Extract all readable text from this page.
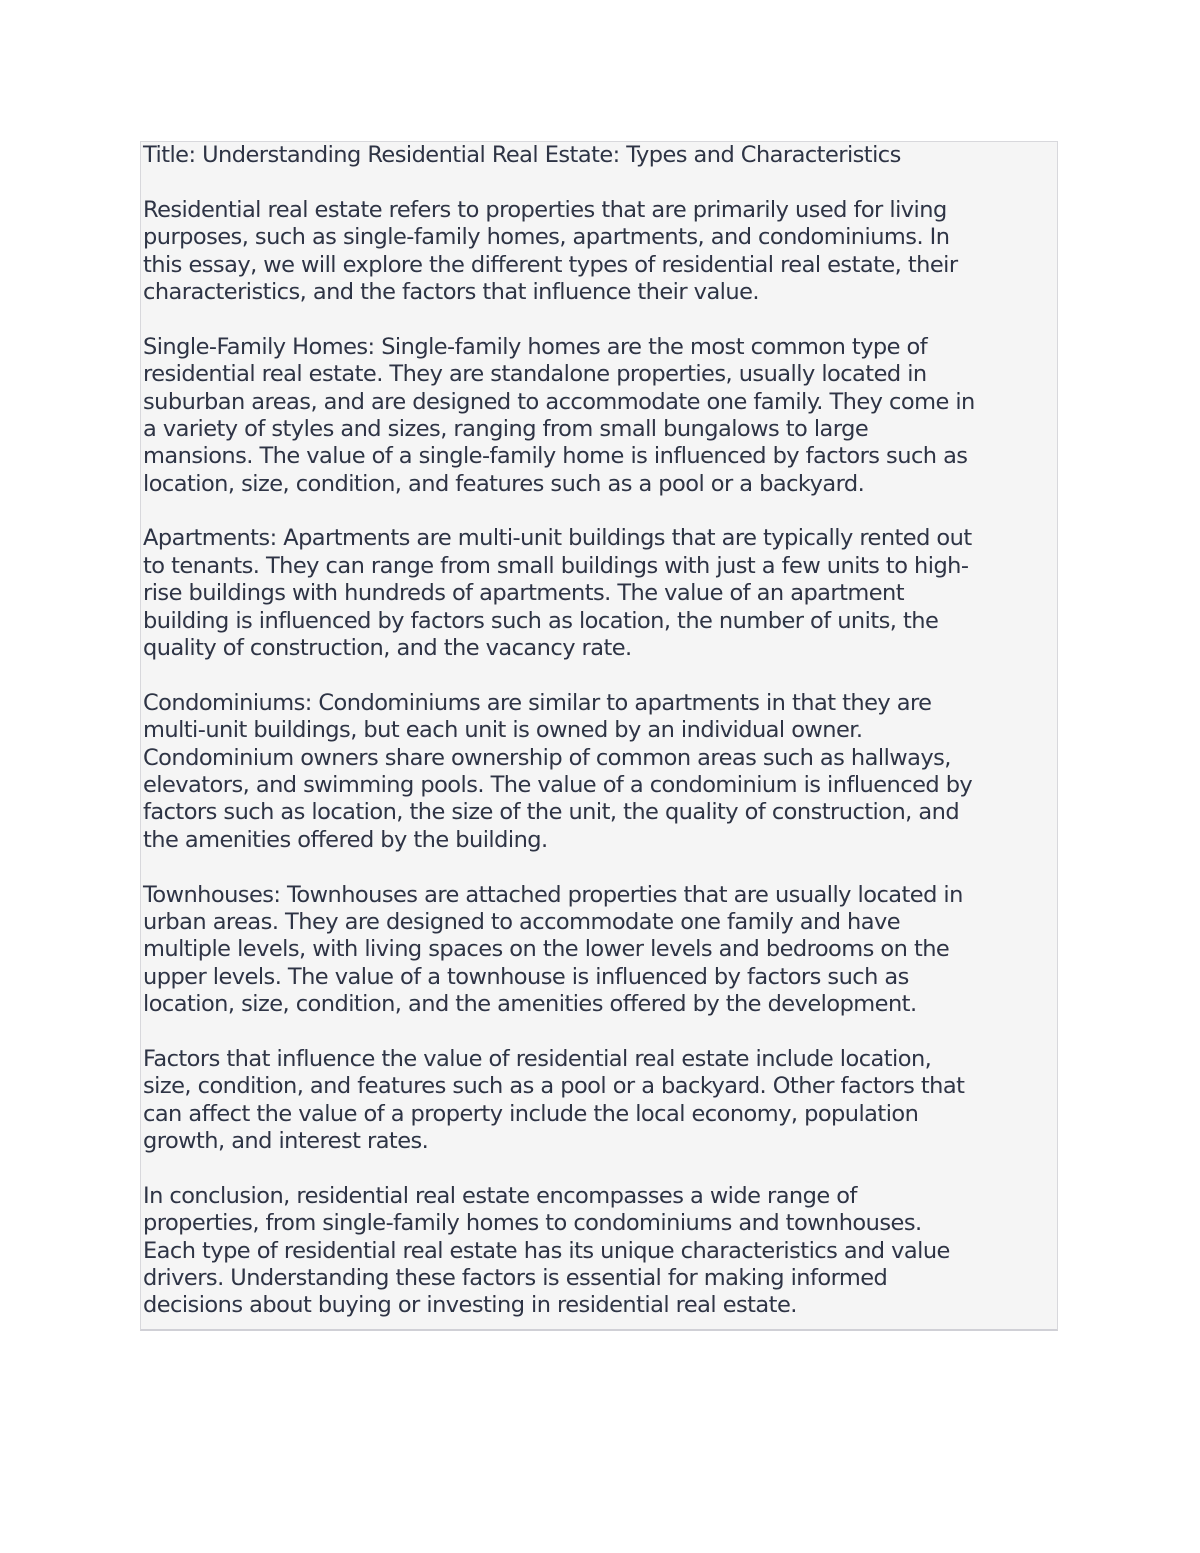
Title: Understanding Residential Real Estate: Types and Characteristics
Residential real estate refers to properties that are primarily used for living
purposes, such as single-family homes, apartments, and condominiums. In
this essay, we will explore the different types of residential real estate, their
characteristics, and the factors that influence their value.
Single-Family Homes: Single-family homes are the most common type of
residential real estate. They are standalone properties, usually located in
suburban areas, and are designed to accommodate one family. They come in
a variety of styles and sizes, ranging from small bungalows to large
mansions. The value of a single-family home is influenced by factors such as
location, size, condition, and features such as a pool or a backyard.
Apartments: Apartments are multi-unit buildings that are typically rented out
to tenants. They can range from small buildings with just a few units to high-
rise buildings with hundreds of apartments. The value of an apartment
building is influenced by factors such as location, the number of units, the
quality of construction, and the vacancy rate.
Condominiums: Condominiums are similar to apartments in that they are
multi-unit buildings, but each unit is owned by an individual owner.
Condominium owners share ownership of common areas such as hallways,
elevators, and swimming pools. The value of a condominium is influenced by
factors such as location, the size of the unit, the quality of construction, and
the amenities offered by the building.
Townhouses: Townhouses are attached properties that are usually located in
urban areas. They are designed to accommodate one family and have
multiple levels, with living spaces on the lower levels and bedrooms on the
upper levels. The value of a townhouse is influenced by factors such as
location, size, condition, and the amenities offered by the development.
Factors that influence the value of residential real estate include location,
size, condition, and features such as a pool or a backyard. Other factors that
can affect the value of a property include the local economy, population
growth, and interest rates.
In conclusion, residential real estate encompasses a wide range of
properties, from single-family homes to condominiums and townhouses.
Each type of residential real estate has its unique characteristics and value
drivers. Understanding these factors is essential for making informed
decisions about buying or investing in residential real estate.
